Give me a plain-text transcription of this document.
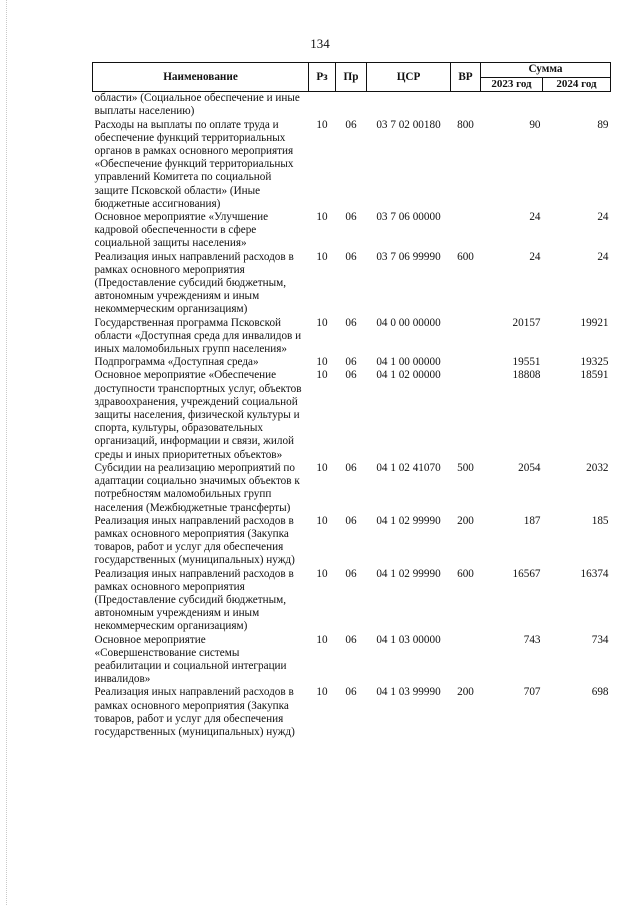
134
Наименование	Рз	Пр	ЦСР	ВР	Сумма	
					2023 год	2024 год
области» (Социальное обеспечение и иные выплаты населению)						
Расходы на выплаты по оплате труда и обеспечение функций территориальных органов в рамках основного мероприятия «Обеспечение функций территориальных управлений Комитета по социальной защите Псковской области» (Иные бюджетные ассигнования)	10	06	03 7 02 00180	800	90	89
Основное мероприятие «Улучшение кадровой обеспеченности в сфере социальной защиты населения»	10	06	03 7 06 00000		24	24
Реализация иных направлений расходов в рамках основного мероприятия (Предоставление субсидий бюджетным, автономным учреждениям и иным некоммерческим организациям)	10	06	03 7 06 99990	600	24	24
Государственная программа Псковской области «Доступная среда для инвалидов и иных маломобильных групп населения»	10	06	04 0 00 00000		20157	19921
Подпрограмма «Доступная среда»	10	06	04 1 00 00000		19551	19325
Основное мероприятие «Обеспечение доступности транспортных услуг, объектов здравоохранения, учреждений социальной защиты населения, физической культуры и спорта, культуры, образовательных организаций, информации и связи, жилой среды и иных приоритетных объектов»	10	06	04 1 02 00000		18808	18591
Субсидии на реализацию мероприятий по адаптации социально значимых объектов к потребностям маломобильных групп населения (Межбюджетные трансферты)	10	06	04 1 02 41070	500	2054	2032
Реализация иных направлений расходов в рамках основного мероприятия (Закупка товаров, работ и услуг для обеспечения государственных (муниципальных) нужд)	10	06	04 1 02 99990	200	187	185
Реализация иных направлений расходов в рамках основного мероприятия (Предоставление субсидий бюджетным, автономным учреждениям и иным некоммерческим организациям)	10	06	04 1 02 99990	600	16567	16374
Основное мероприятие «Совершенствование системы реабилитации и социальной интеграции инвалидов»	10	06	04 1 03 00000		743	734
Реализация иных направлений расходов в рамках основного мероприятия (Закупка товаров, работ и услуг для обеспечения государственных (муниципальных) нужд)	10	06	04 1 03 99990	200	707	698
